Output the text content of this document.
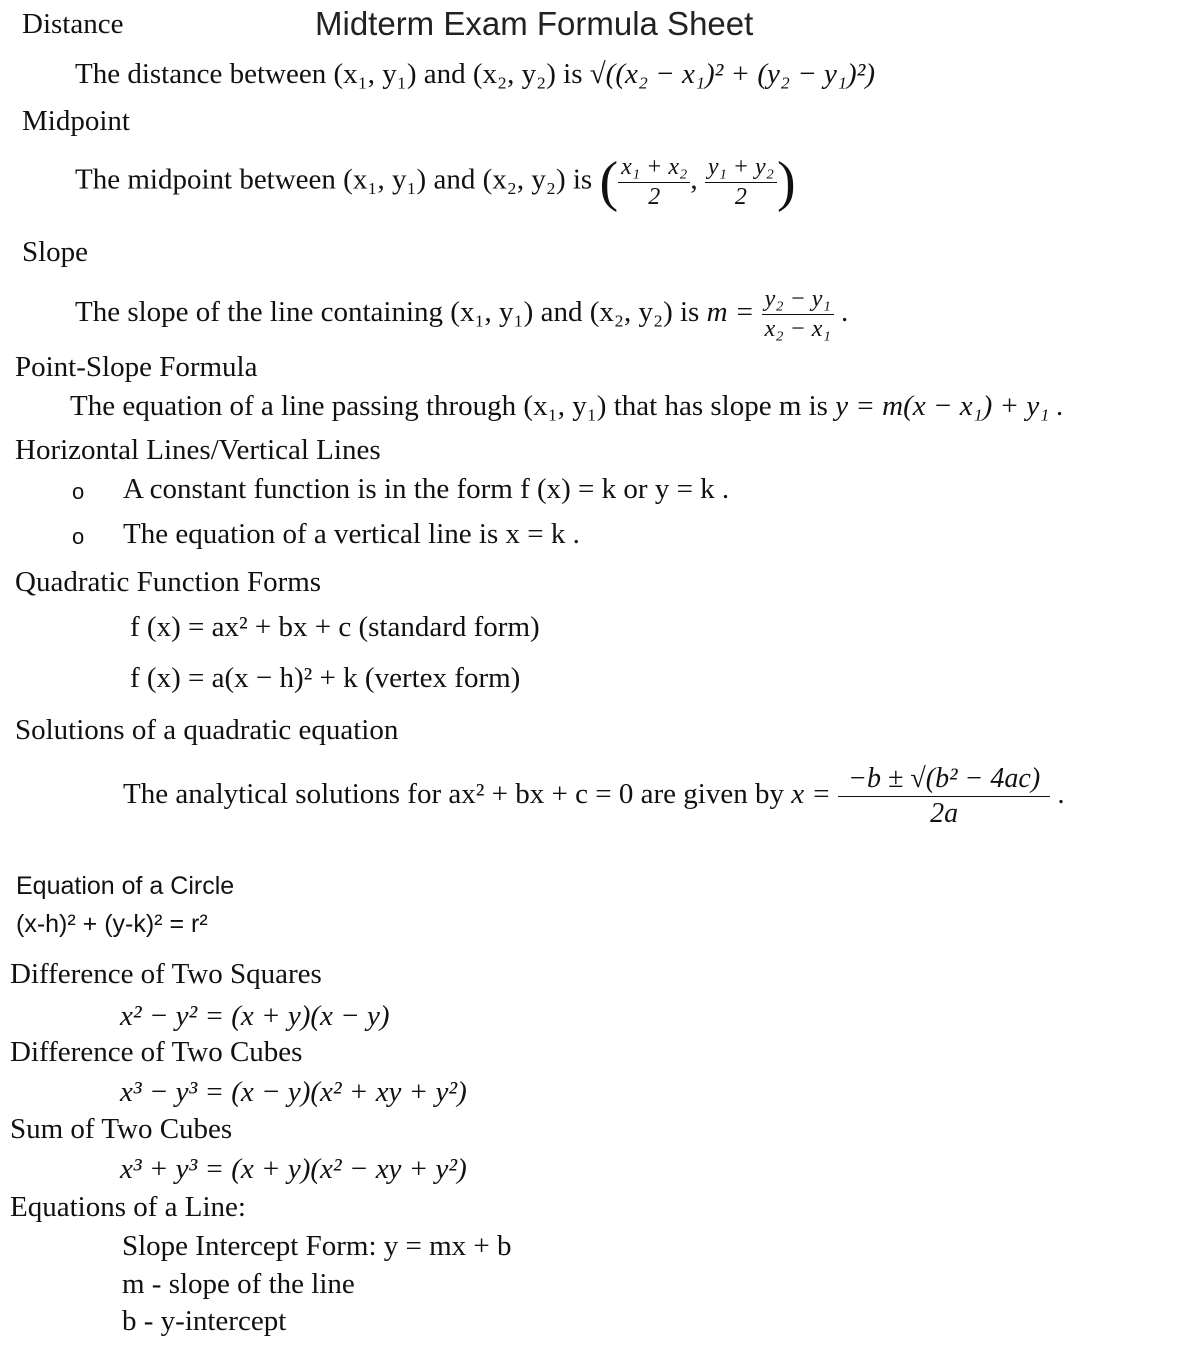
Distance	Midterm Exam Formula Sheet
The distance between (x₁, y₁) and (x₂, y₂) is √((x₂ − x₁)² + (y₂ − y₁)²)
Midpoint
The midpoint between (x₁, y₁) and (x₂, y₂) is ( $\frac{\text{x₁ + x₂}}{2}$ , $\frac{\text{y₁ + y₂}}{2}$ )
Slope
The slope of the line containing (x₁, y₁) and (x₂, y₂) is $m = \frac{\text{y₂ − y₁}}{\text{x₂ − x₁}}$ .
Point-Slope Formula
The equation of a line passing through (x₁, y₁) that has slope m is y = m(x − x₁) + y₁ .
Horizontal Lines/Vertical Lines
o A constant function is in the form f (x) = k or y = k .
o The equation of a vertical line is x = k .
Quadratic Function Forms
f (x) = ax² + bx + c (standard form)
f (x) = a(x − h)² + k (vertex form)
Solutions of a quadratic equation
The analytical solutions for ax² + bx + c = 0 are given by $x = \frac{\text{−b ± √(b² − 4ac)}}{2a}$ .
Equation of a Circle
(x-h)² + (y-k)² = r²
Difference of Two Squares
x² − y² = (x + y)(x − y)
Difference of Two Cubes
x³ − y³ = (x − y)(x² + xy + y²)
Sum of Two Cubes
x³ + y³ = (x + y)(x² − xy + y²)
Equations of a Line:
Slope Intercept Form: y = mx + b
m - slope of the line
b - y-intercept
